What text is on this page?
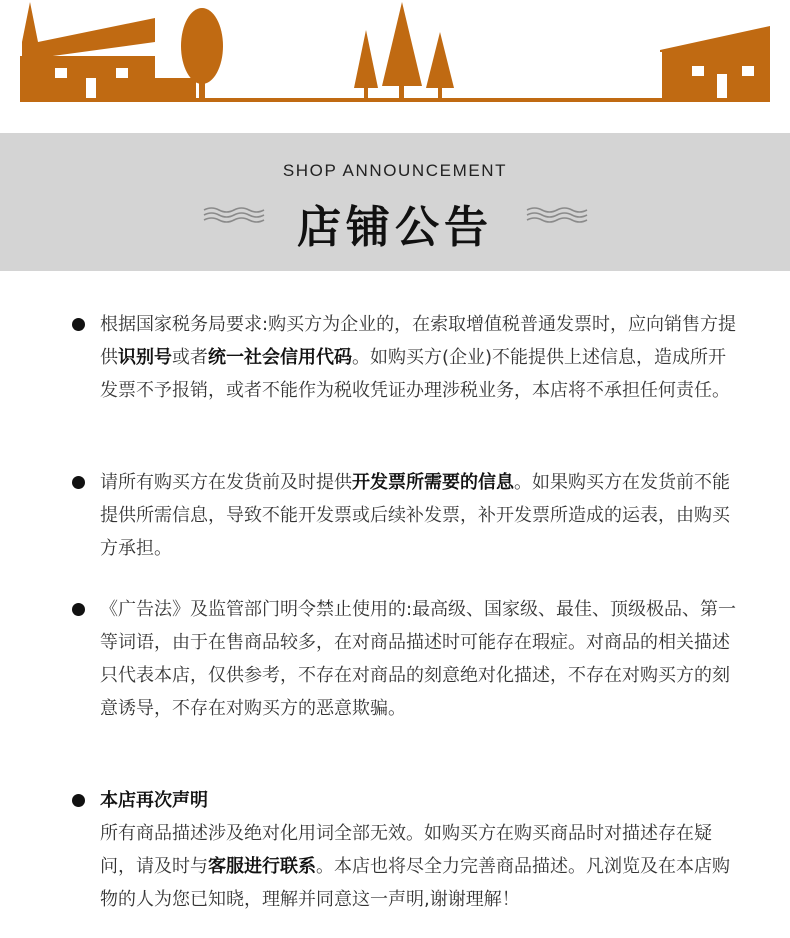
SHOP ANNOUNCEMENT
店铺公告

根据国家税务局要求:购买方为企业的，在索取增值税普通发票时，应向销售方提供识别号或者统一社会信用代码。如购买方(企业)不能提供上述信息，造成所开发票不予报销，或者不能作为税收凭证办理涉税业务，本店将不承担任何责任。

请所有购买方在发货前及时提供开发票所需要的信息。如果购买方在发货前不能提供所需信息，导致不能开发票或后续补发票，补开发票所造成的运表，由购买方承担。

《广告法》及监管部门明令禁止使用的:最高级、国家级、最佳、顶级极品、第一等词语，由于在售商品较多，在对商品描述时可能存在瑕症。对商品的相关描述只代表本店，仅供参考，不存在对商品的刻意绝对化描述，不存在对购买方的刻意诱导，不存在对购买方的恶意欺骗。

本店再次声明

所有商品描述涉及绝对化用词全部无效。如购买方在购买商品时对描述存在疑问，请及时与客服进行联系。本店也将尽全力完善商品描述。凡浏览及在本店购物的人为您已知晓，理解并同意这一声明,谢谢理解！
